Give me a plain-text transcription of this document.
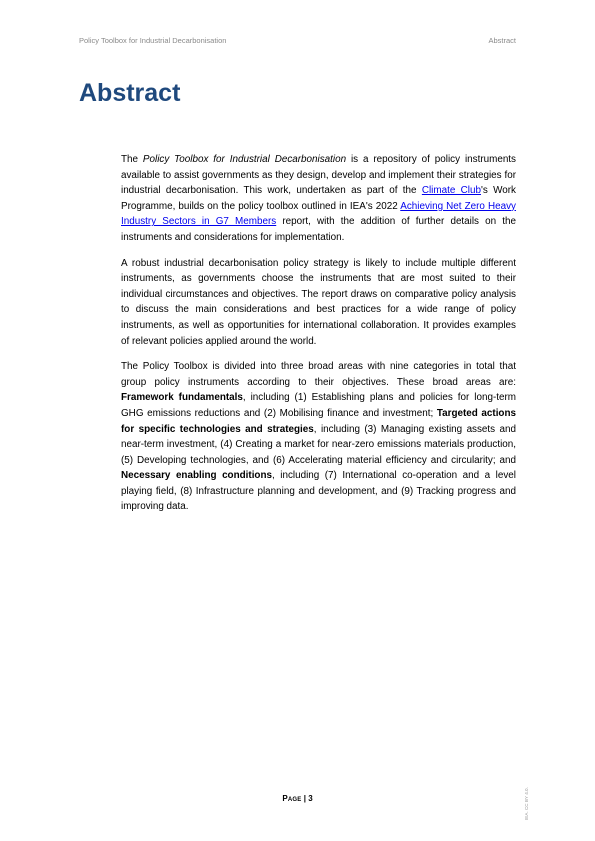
Policy Toolbox for Industrial Decarbonisation	Abstract
Abstract

The Policy Toolbox for Industrial Decarbonisation is a repository of policy instruments available to assist governments as they design, develop and implement their strategies for industrial decarbonisation. This work, undertaken as part of the Climate Club's Work Programme, builds on the policy toolbox outlined in IEA's 2022 Achieving Net Zero Heavy Industry Sectors in G7 Members report, with the addition of further details on the instruments and considerations for implementation.

A robust industrial decarbonisation policy strategy is likely to include multiple different instruments, as governments choose the instruments that are most suited to their individual circumstances and objectives. The report draws on comparative policy analysis to discuss the main considerations and best practices for a wide range of policy instruments, as well as opportunities for international collaboration. It provides examples of relevant policies applied around the world.

The Policy Toolbox is divided into three broad areas with nine categories in total that group policy instruments according to their objectives. These broad areas are: Framework fundamentals, including (1) Establishing plans and policies for long-term GHG emissions reductions and (2) Mobilising finance and investment; Targeted actions for specific technologies and strategies, including (3) Managing existing assets and near-term investment, (4) Creating a market for near-zero emissions materials production, (5) Developing technologies, and (6) Accelerating material efficiency and circularity; and Necessary enabling conditions, including (7) International co-operation and a level playing field, (8) Infrastructure planning and development, and (9) Tracking progress and improving data.

Page | 3	IEA. CC BY 4.0.
